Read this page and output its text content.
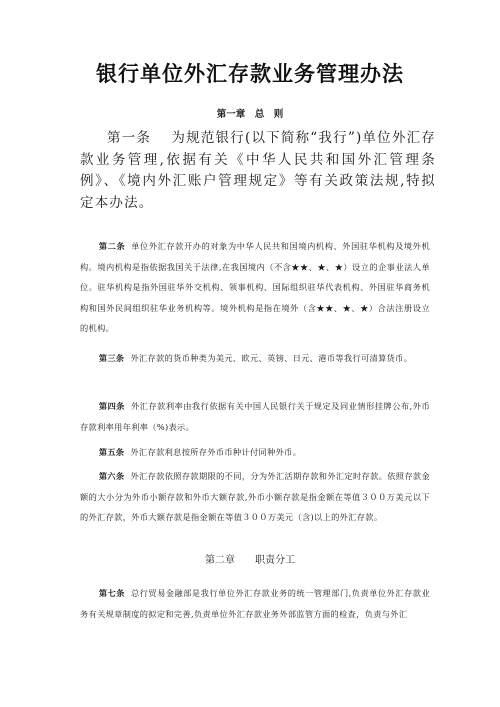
银行单位外汇存款业务管理办法
第一章　总　则

第一条　 为规范银行(以下简称“我行”)单位外汇存款业务管理,依据有关《中华人民共和国外汇管理条例》、《境内外汇账户管理规定》等有关政策法规,特拟定本办法。

第二条 单位外汇存款开办的对象为中华人民共和国境内机构、外国驻华机构及境外机构。境内机构是指依据我国关于法律,在我国境内（不含★★、★、★）设立的企事业法人单位。驻华机构是指外国驻华外交机构、领事机构、国际组织驻华代表机构、外国驻华商务机构和国外民间组织驻华业务机构等。境外机构是指在境外（含★★、★、★）合法注册设立的机构。

第三条 外汇存款的货币种类为美元、欧元、英镑、日元、港币等我行可清算货币。

第四条 外汇存款利率由我行依据有关中国人民银行关于规定及同业情形挂牌公布,外币存款利率用年利率（%)表示。

第五条 外汇存款利息按所存外币币种计付同种外币。

第六条 外汇存款依照存款期限的不同，分为外汇活期存款和外汇定时存款。依照存款金额的大小分为外币小额存款和外币大额存款,外币小额存款是指金额在等值３００万美元以下的外汇存款，外币大额存款是指金额在等值３００万美元（含)以上的外汇存款。

第二章　　职责分工

第七条 总行贸易金融部是我行单位外汇存款业务的统一管理部门,负责单位外汇存款业务有关规章制度的拟定和完善,负责单位外汇存款业务外部监管方面的检查，负责与外汇
